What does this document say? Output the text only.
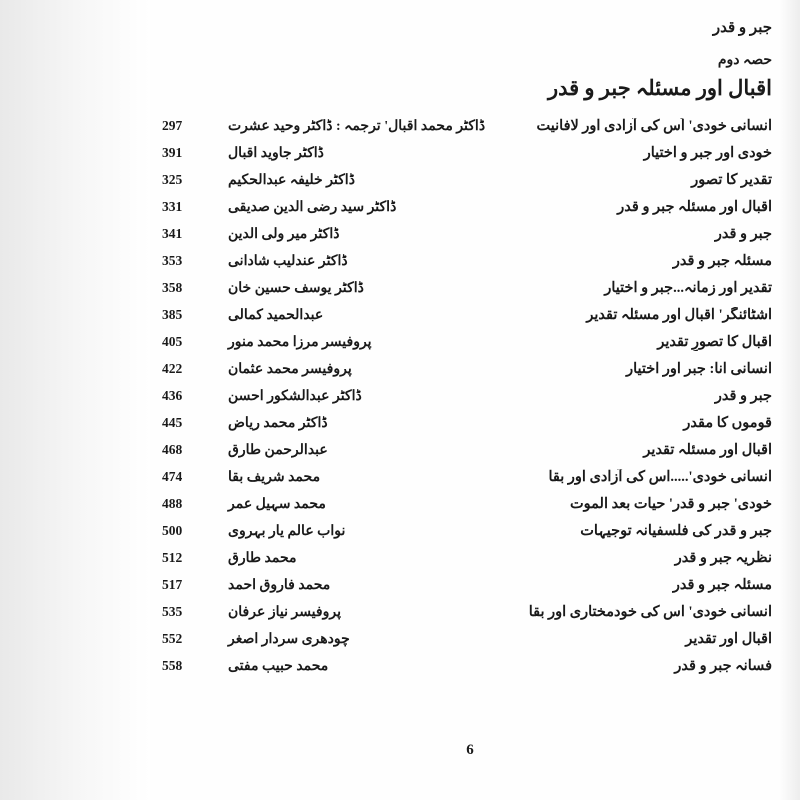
جبر و قدر
حصہ دوم
اقبال اور مسئلہ جبر و قدر
انسانی خودی' اُس کی آزادی اور لافانیت
ڈاکٹر محمد اقبال' ترجمہ : ڈاکٹر وحید عشرت
297
خودی اور جبر و اختیار
ڈاکٹر جاوید اقبال
391
تقدیر کا تصور
ڈاکٹر خلیفہ عبدالحکیم
325
اقبال اور مسئلہ جبر و قدر
ڈاکٹر سید رضی الدین صدیقی
331
جبر و قدر
ڈاکٹر میر ولی الدین
341
مسئلہ جبر و قدر
ڈاکٹر عندلیب شادانی
353
تقدیر اور زمانہ...جبر و اختیار
ڈاکٹر یوسف حسین خان
358
اشٹائنگر' اقبال اور مسئلہ تقدیر
عبدالحمید کمالی
385
اقبال کا تصورِ تقدیر
پروفیسر مرزا محمد منور
405
انسانی انا: جبر اور اختیار
پروفیسر محمد عثمان
422
جبر و قدر
ڈاکٹر عبدالشکور احسن
436
قوموں کا مقدر
ڈاکٹر محمد ریاض
445
اقبال اور مسئلہ تقدیر
عبدالرحمن طارق
468
انسانی خودی'.....اس کی آزادی اور بقا
محمد شریف بقا
474
خودی' جبر و قدر' حیات بعد الموت
محمد سہیل عمر
488
جبر و قدر کی فلسفیانہ توجیہات
نواب عالم یار بہروی
500
نظریہ جبر و قدر
محمد طارق
512
مسئلہ جبر و قدر
محمد فاروق احمد
517
انسانی خودی' اس کی خودمختاری اور بقا
پروفیسر نیاز عرفان
535
اقبال اور تقدیر
چودھری سردار اصغر
552
فسانہ جبر و قدر
محمد حبیب مفتی
558
6
